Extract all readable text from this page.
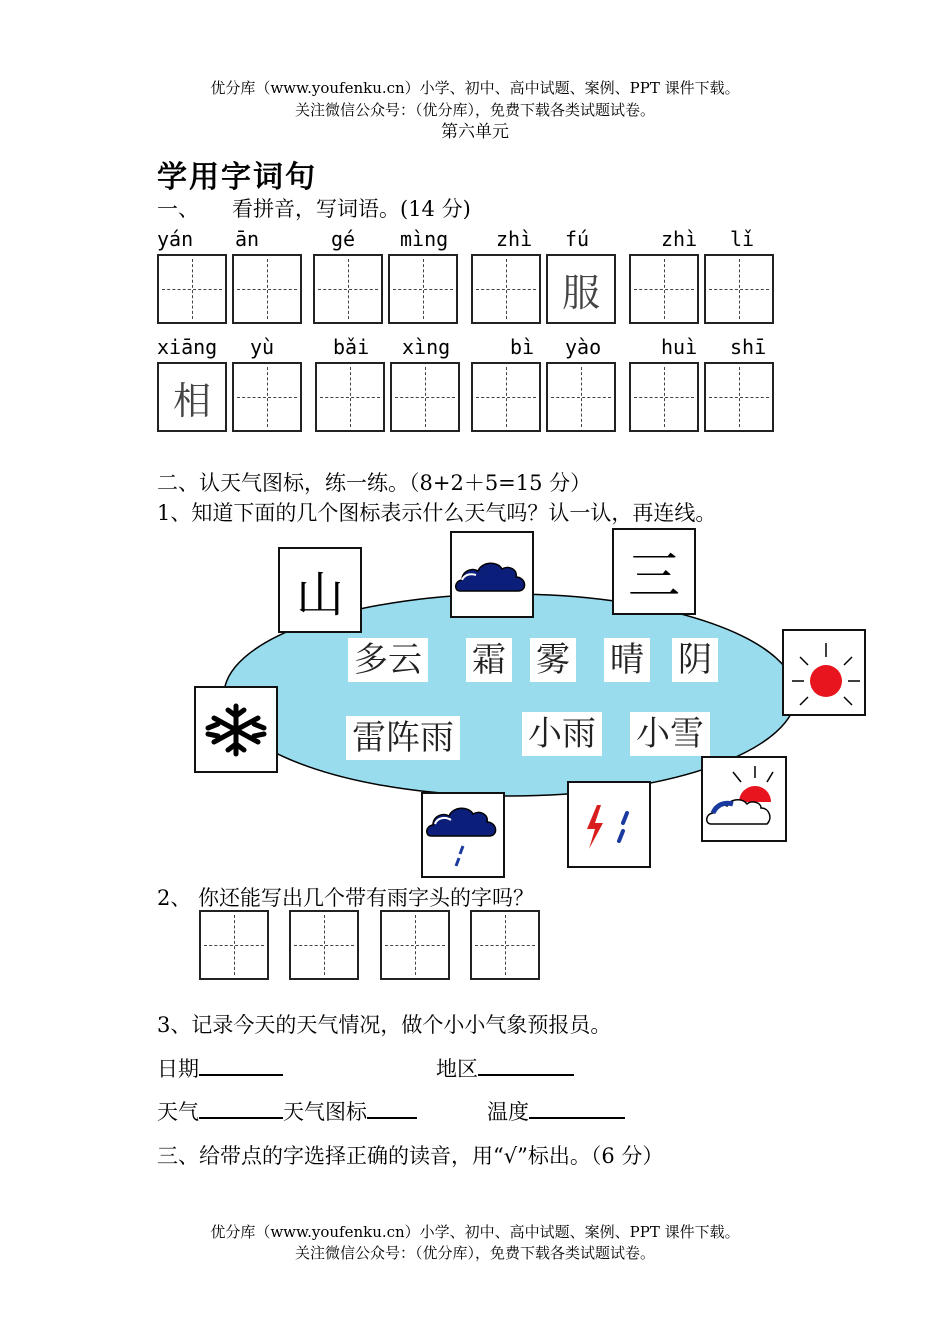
优分库（www.youfenku.cn）小学、初中、高中试题、案例、PPT 课件下载。
关注微信公众号：（优分库），免费下载各类试题试卷。
第六单元
学用字词句
一、 看拼音，写词语。(14 分)
yán ān	gé mìng zhì fú	zhì lǐ
服
xiāng yù	bǎi xìng	bì yào	huì shī
相
二、认天气图标，练一练。（8+2＋5=15 分）
1、知道下面的几个图标表示什么天气吗？认一认，再连线。
多云 霜 雾 晴 阴
雷阵雨 小雨 小雪
山	三
2、 你还能写出几个带有雨字头的字吗？
3、记录今天的天气情况，做个小小气象预报员。
日期	地区
天气	天气图标	温度
三、给带点的字选择正确的读音，用“√”标出。（6 分）
优分库（www.youfenku.cn）小学、初中、高中试题、案例、PPT 课件下载。
关注微信公众号：（优分库），免费下载各类试题试卷。
